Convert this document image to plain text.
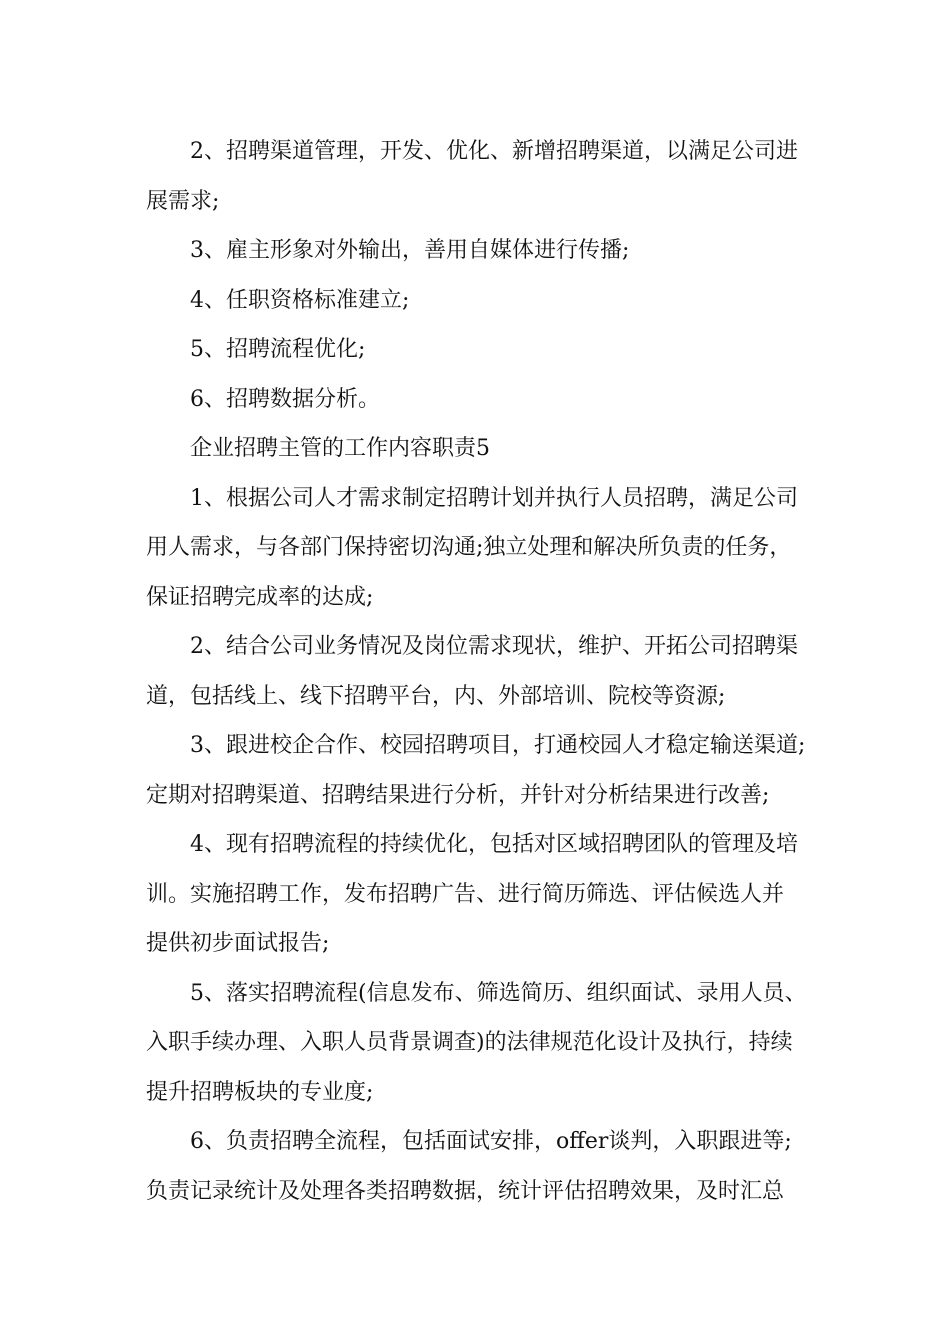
2、招聘渠道管理，开发、优化、新增招聘渠道，以满足公司进
展需求;
3、雇主形象对外输出，善用自媒体进行传播;
4、任职资格标准建立;
5、招聘流程优化;
6、招聘数据分析。
企业招聘主管的工作内容职责5
1、根据公司人才需求制定招聘计划并执行人员招聘，满足公司
用人需求，与各部门保持密切沟通;独立处理和解决所负责的任务，
保证招聘完成率的达成;
2、结合公司业务情况及岗位需求现状，维护、开拓公司招聘渠
道，包括线上、线下招聘平台，内、外部培训、院校等资源;
3、跟进校企合作、校园招聘项目，打通校园人才稳定输送渠道;
定期对招聘渠道、招聘结果进行分析，并针对分析结果进行改善;
4、现有招聘流程的持续优化，包括对区域招聘团队的管理及培
训。实施招聘工作，发布招聘广告、进行简历筛选、评估候选人并
提供初步面试报告;
5、落实招聘流程(信息发布、筛选简历、组织面试、录用人员、
入职手续办理、入职人员背景调查)的法律规范化设计及执行，持续
提升招聘板块的专业度;
6、负责招聘全流程，包括面试安排，offer谈判，入职跟进等;
负责记录统计及处理各类招聘数据，统计评估招聘效果，及时汇总
